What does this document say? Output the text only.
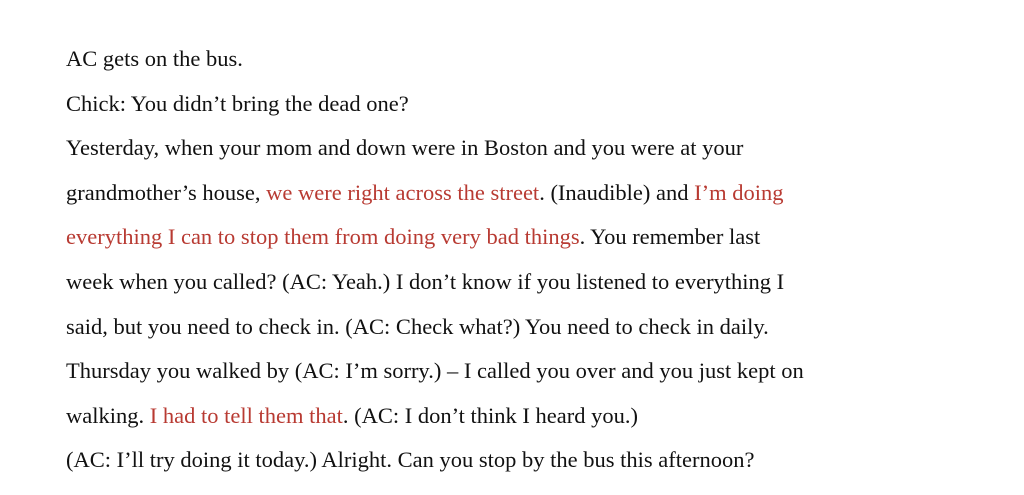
AC gets on the bus.
Chick: You didn’t bring the dead one?
Yesterday, when your mom and down were in Boston and you were at your
grandmother’s house, we were right across the street. (Inaudible) and I’m doing
everything I can to stop them from doing very bad things. You remember last
week when you called? (AC: Yeah.) I don’t know if you listened to everything I
said, but you need to check in. (AC: Check what?) You need to check in daily.
Thursday you walked by (AC: I’m sorry.) – I called you over and you just kept on
walking. I had to tell them that. (AC: I don’t think I heard you.)
(AC: I’ll try doing it today.) Alright. Can you stop by the bus this afternoon?
